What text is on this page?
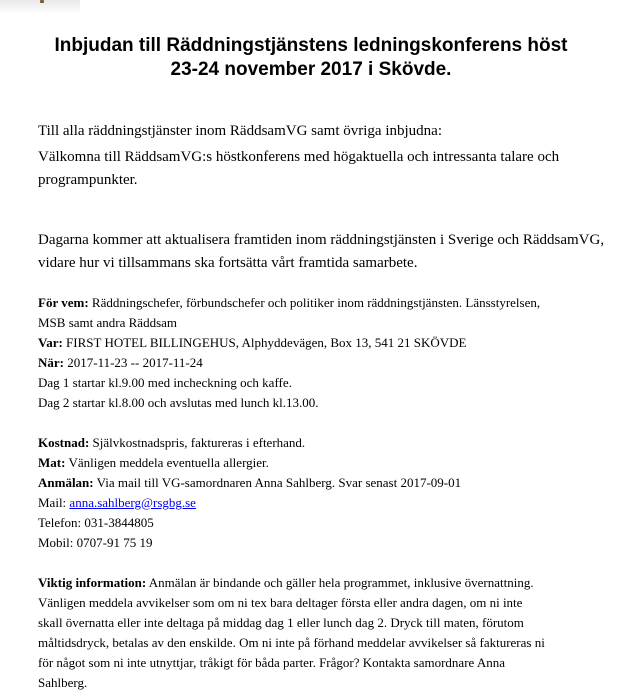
Inbjudan till Räddningstjänstens ledningskonferens höst
23-24 november 2017 i Skövde.

Till alla räddningstjänster inom RäddsamVG samt övriga inbjudna:

Välkomna till RäddsamVG:s höstkonferens med högaktuella och intressanta talare och
programpunkter.

Dagarna kommer att aktualisera framtiden inom räddningstjänsten i Sverige och RäddsamVG,
vidare hur vi tillsammans ska fortsätta vårt framtida samarbete.

För vem: Räddningschefer, förbundschefer och politiker inom räddningstjänsten. Länsstyrelsen,
MSB samt andra Räddsam
Var: FIRST HOTEL BILLINGEHUS, Alphyddevägen, Box 13, 541 21 SKÖVDE
När: 2017-11-23 -- 2017-11-24
Dag 1 startar kl.9.00 med incheckning och kaffe.
Dag 2 startar kl.8.00 och avslutas med lunch kl.13.00.

Kostnad: Självkostnadspris, faktureras i efterhand.
Mat: Vänligen meddela eventuella allergier.
Anmälan: Via mail till VG-samordnaren Anna Sahlberg. Svar senast 2017-09-01
Mail: anna.sahlberg@rsgbg.se
Telefon: 031-3844805
Mobil: 0707-91 75 19

Viktig information: Anmälan är bindande och gäller hela programmet, inklusive övernattning.
Vänligen meddela avvikelser som om ni tex bara deltager första eller andra dagen, om ni inte
skall övernatta eller inte deltaga på middag dag 1 eller lunch dag 2. Dryck till maten, förutom
måltidsdryck, betalas av den enskilde. Om ni inte på förhand meddelar avvikelser så faktureras ni
för något som ni inte utnyttjar, tråkigt för båda parter. Frågor? Kontakta samordnare Anna
Sahlberg.
